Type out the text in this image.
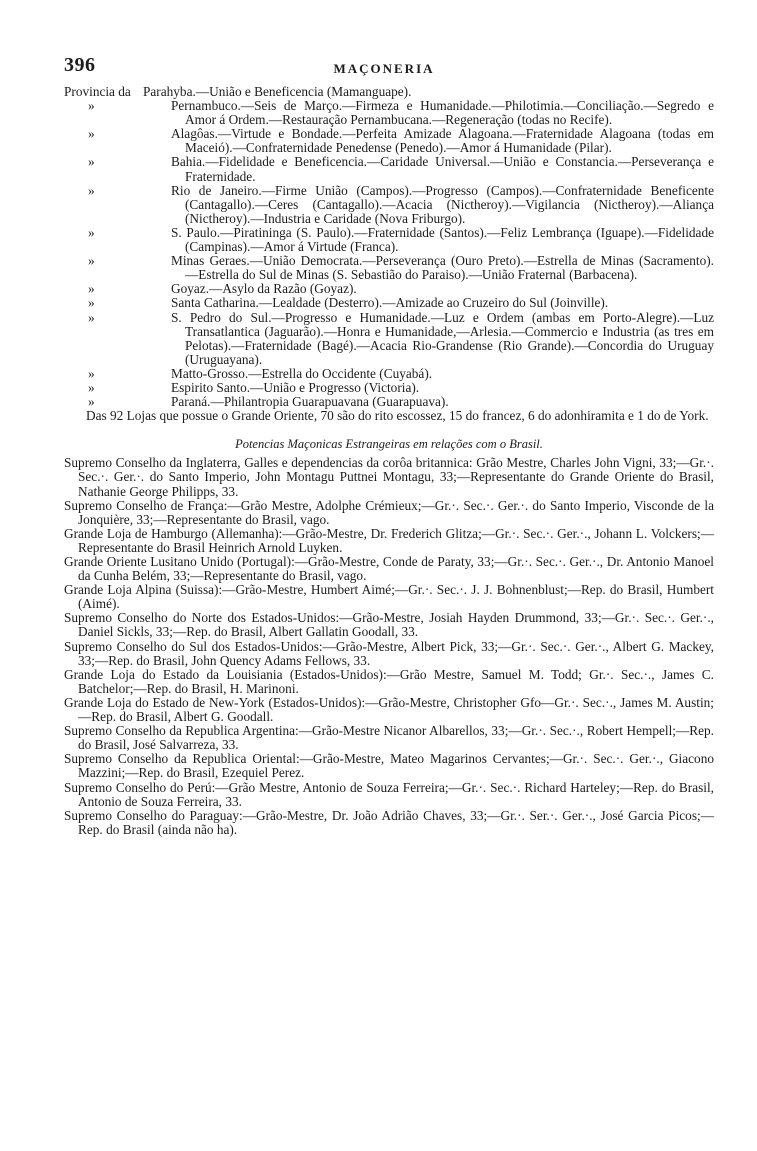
396	MAÇONERIA
Provincia da Parahyba.—União e Beneficencia (Mamanguape).
»	Pernambuco.—Seis de Março.—Firmeza e Humanidade.—Philotimia.—Conciliação.—Segredo e Amor á Ordem.—Restauração Pernambucana.—Regeneração (todas no Recife).
»	Alagôas.—Virtude e Bondade.—Perfeita Amizade Alagoana.—Fraternidade Alagoana (todas em Maceió).—Confraternidade Penedense (Penedo).—Amor á Humanidade (Pilar).
»	Bahia.—Fidelidade e Beneficencia.—Caridade Universal.—União e Constancia.—Perseverança e Fraternidade.
»	Rio de Janeiro.—Firme União (Campos).—Progresso (Campos).—Confraternidade Beneficente (Cantagallo).—Ceres (Cantagallo).—Acacia (Nictheroy).—Vigilancia (Nictheroy).—Aliança (Nictheroy).—Industria e Caridade (Nova Friburgo).
»	S. Paulo.—Piratininga (S. Paulo).—Fraternidade (Santos).—Feliz Lembrança (Iguape).—Fidelidade (Campinas).—Amor á Virtude (Franca).
»	Minas Geraes.—União Democrata.—Perseverança (Ouro Preto).—Estrella de Minas (Sacramento).—Estrella do Sul de Minas (S. Sebastião do Paraiso).—União Fraternal (Barbacena).
»	Goyaz.—Asylo da Razão (Goyaz).
»	Santa Catharina.—Lealdade (Desterro).—Amizade ao Cruzeiro do Sul (Joinville).
»	S. Pedro do Sul.—Progresso e Humanidade.—Luz e Ordem (ambas em Porto-Alegre).—Luz Transatlantica (Jaguarão).—Honra e Humanidade,—Arlesia.—Commercio e Industria (as tres em Pelotas).—Fraternidade (Bagé).—Acacia Rio-Grandense (Rio Grande).—Concordia do Uruguay (Uruguayana).
»	Matto-Grosso.—Estrella do Occidente (Cuyabá).
»	Espirito Santo.—União e Progresso (Victoria).
»	Paraná.—Philantropia Guarapuavana (Guarapuava).
Das 92 Lojas que possue o Grande Oriente, 70 são do rito escossez, 15 do francez, 6 do adonhiramita e 1 do de York.
Potencias Maçonicas Estrangeiras em relações com o Brasil.
Supremo Conselho da Inglaterra, Galles e dependencias da corôa britannica: Grão Mestre, Charles John Vigni, 33;—Gr.·. Sec.·. Ger.·. do Santo Imperio, John Montagu Puttnei Montagu, 33;—Representante do Grande Oriente do Brasil, Nathanie George Philipps, 33.
Supremo Conselho de França:—Grão Mestre, Adolphe Crémieux;—Gr.·. Sec.·. Ger.·. do Santo Imperio, Visconde de la Jonquière, 33;—Representante do Brasil, vago.
Grande Loja de Hamburgo (Allemanha):—Grão-Mestre, Dr. Frederich Glitza;—Gr.·. Sec.·. Ger.·., Johann L. Volckers;—Representante do Brasil Heinrich Arnold Luyken.
Grande Oriente Lusitano Unido (Portugal):—Grão-Mestre, Conde de Paraty, 33;—Gr.·. Sec.·. Ger.·., Dr. Antonio Manoel da Cunha Belém, 33;—Representante do Brasil, vago.
Grande Loja Alpina (Suissa):—Grão-Mestre, Humbert Aimé;—Gr.·. Sec.·. J. J. Bohnenblust;—Rep. do Brasil, Humbert (Aimé).
Supremo Conselho do Norte dos Estados-Unidos:—Grão-Mestre, Josiah Hayden Drummond, 33;—Gr.·. Sec.·. Ger.·., Daniel Sickls, 33;—Rep. do Brasil, Albert Gallatin Goodall, 33.
Supremo Conselho do Sul dos Estados-Unidos:—Grão-Mestre, Albert Pick, 33;—Gr.·. Sec.·. Ger.·., Albert G. Mackey, 33;—Rep. do Brasil, John Quency Adams Fellows, 33.
Grande Loja do Estado da Louisiania (Estados-Unidos):—Grão Mestre, Samuel M. Todd; Gr.·. Sec.·., James C. Batchelor;—Rep. do Brasil, H. Marinoni.
Grande Loja do Estado de New-York (Estados-Unidos):—Grão-Mestre, Christopher Gfo—Gr.·. Sec.·., James M. Austin;—Rep. do Brasil, Albert G. Goodall.
Supremo Conselho da Republica Argentina:—Grão-Mestre Nicanor Albarellos, 33;—Gr.·. Sec.·., Robert Hempell;—Rep. do Brasil, José Salvarreza, 33.
Supremo Conselho da Republica Oriental:—Grão-Mestre, Mateo Magarinos Cervantes;—Gr.·. Sec.·. Ger.·., Giacono Mazzini;—Rep. do Brasil, Ezequiel Perez.
Supremo Conselho do Perú:—Grão Mestre, Antonio de Souza Ferreira;—Gr.·. Sec.·. Richard Harteley;—Rep. do Brasil, Antonio de Souza Ferreira, 33.
Supremo Conselho do Paraguay:—Grão-Mestre, Dr. João Adrião Chaves, 33;—Gr.·. Ser.·. Ger.·., José Garcia Picos;—Rep. do Brasil (ainda não ha).
